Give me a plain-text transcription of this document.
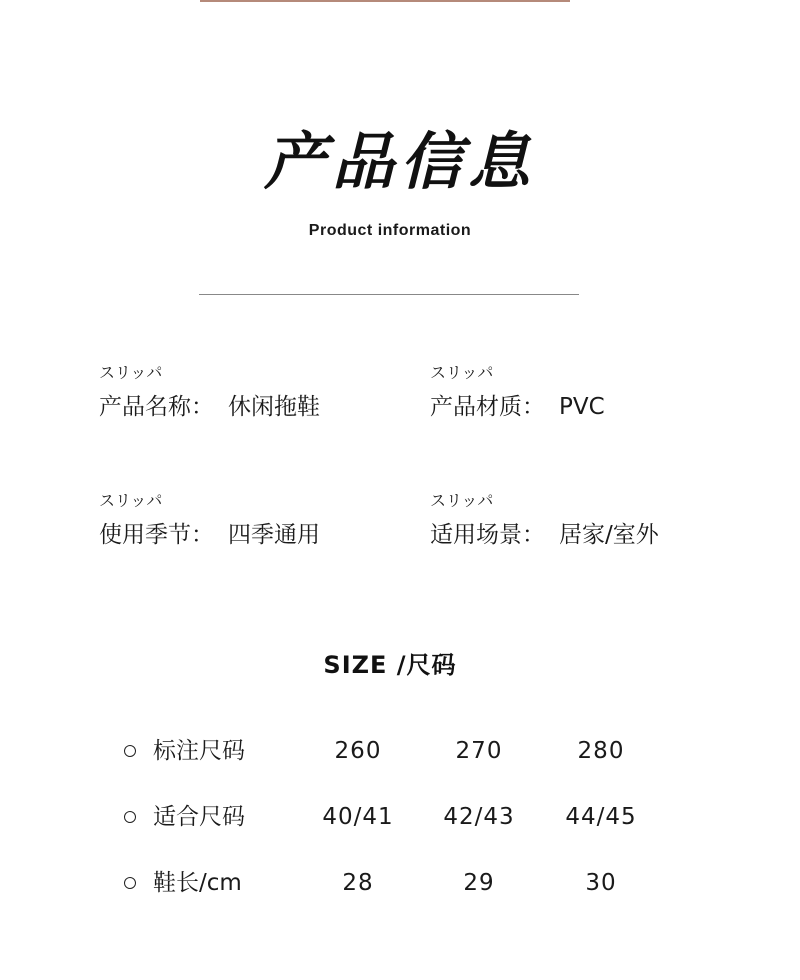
产品信息
Product information
スリッパ
产品名称： 休闲拖鞋
スリッパ
产品材质： PVC
スリッパ
使用季节： 四季通用
スリッパ
适用场景： 居家/室外
SIZE /尺码
标注尺码	260	270	280
适合尺码	40/41	42/43	44/45
鞋长/cm	28	29	30
